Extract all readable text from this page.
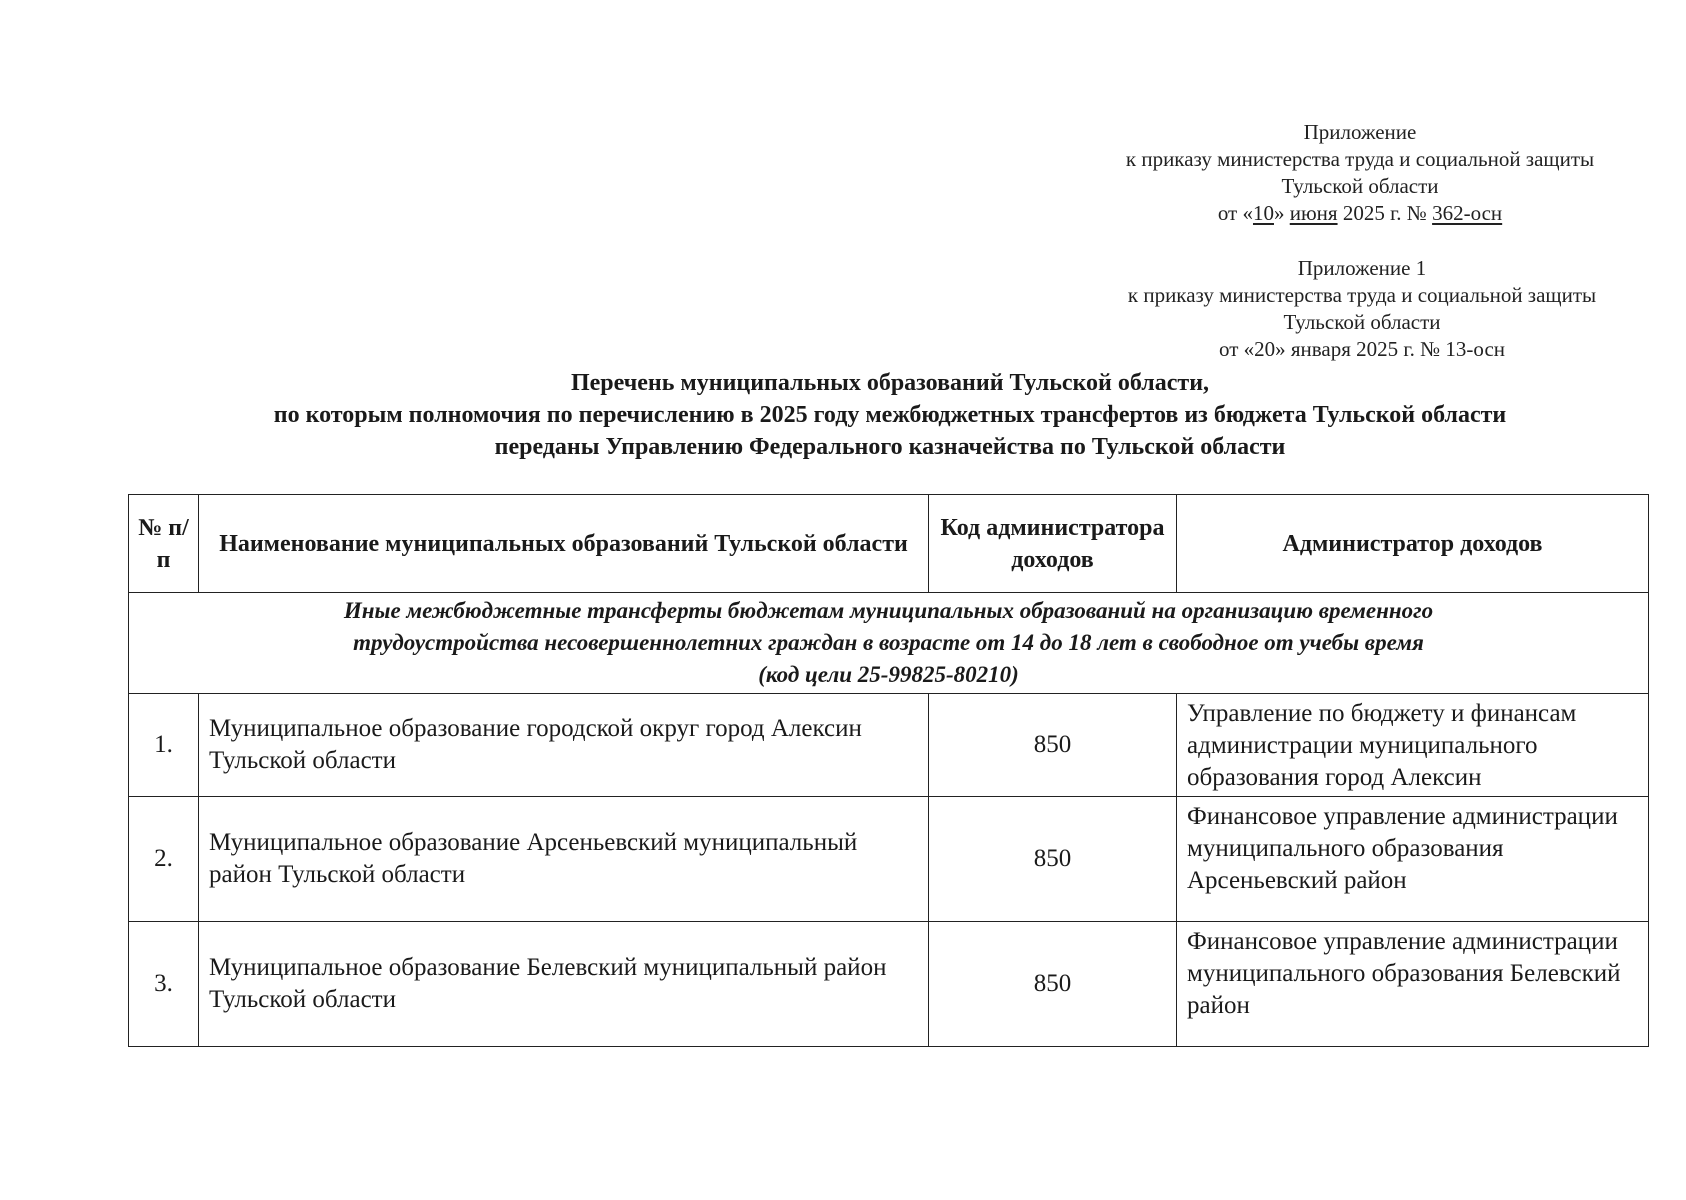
Приложение
к приказу министерства труда и социальной защиты
Тульской области
от «10» июня 2025 г. № 362-осн
Приложение 1
к приказу министерства труда и социальной защиты
Тульской области
от «20» января 2025 г. № 13-осн
Перечень муниципальных образований Тульской области,
по которым полномочия по перечислению в 2025 году межбюджетных трансфертов из бюджета Тульской области
переданы Управлению Федерального казначейства по Тульской области
№ п/п	Наименование муниципальных образований Тульской области	Код администратора доходов	Администратор доходов

Иные межбюджетные трансферты бюджетам муниципальных образований на организацию временного
трудоустройства несовершеннолетних граждан в возрасте от 14 до 18 лет в свободное от учебы время
(код цели 25-99825-80210)			

1.	Муниципальное образование городской округ город Алексин Тульской области	850	Управление по бюджету и финансам администрации муниципального образования город Алексин
2.	Муниципальное образование Арсеньевский муниципальный район Тульской области	850	Финансовое управление администрации муниципального образования Арсеньевский район
3.	Муниципальное образование Белевский муниципальный район Тульской области	850	Финансовое управление администрации муниципального образования Белевский район
